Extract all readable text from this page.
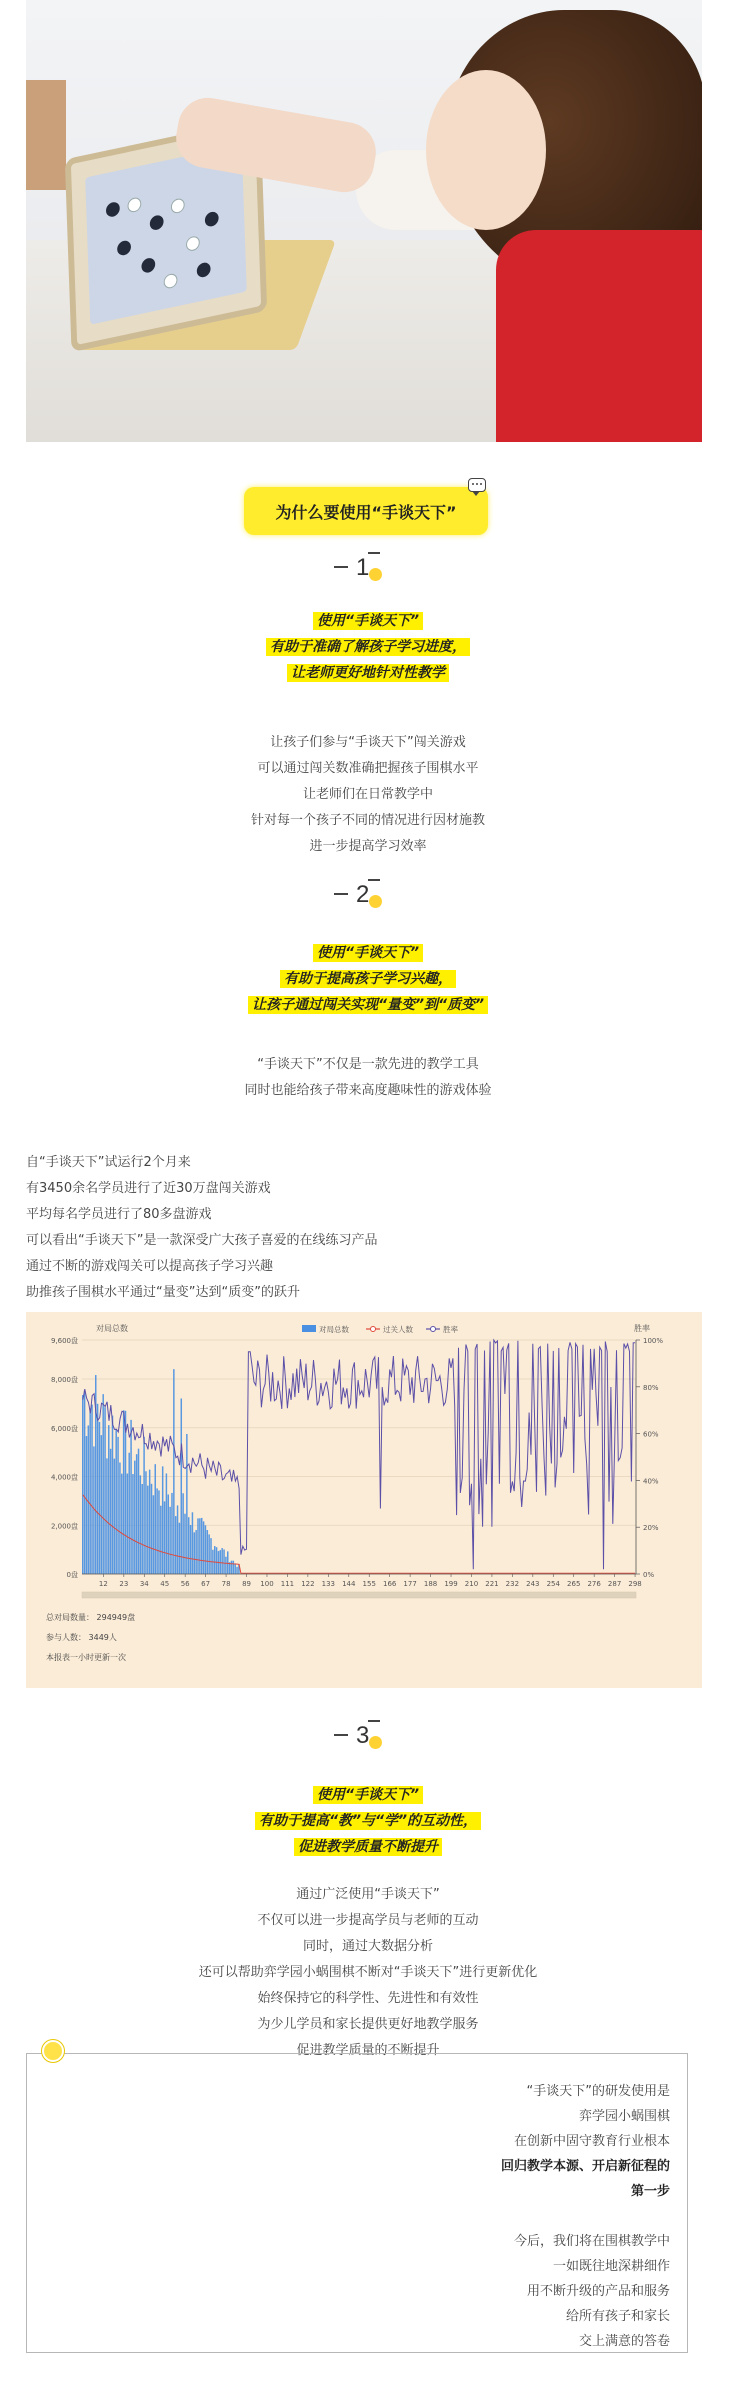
为什么要使用“手谈天下”
1
使用“手谈天下”
有助于准确了解孩子学习进度，
让老师更好地针对性教学
让孩子们参与“手谈天下”闯关游戏
可以通过闯关数准确把握孩子围棋水平
让老师们在日常教学中
针对每一个孩子不同的情况进行因材施教
进一步提高学习效率
2
使用“手谈天下”
有助于提高孩子学习兴趣，
让孩子通过闯关实现“量变”到“质变”
“手谈天下”不仅是一款先进的教学工具
同时也能给孩子带来高度趣味性的游戏体验
自“手谈天下”试运行2个月来
有3450余名学员进行了近30万盘闯关游戏
平均每名学员进行了80多盘游戏
可以看出“手谈天下”是一款深受广大孩子喜爱的在线练习产品
通过不断的游戏闯关可以提高孩子学习兴趣
助推孩子围棋水平通过“量变”达到“质变”的跃升
对局总数	胜率
对局总数	过关人数	胜率
9,600盘
8,000盘
6,000盘
4,000盘
2,000盘
0盘
100%
80%
60%
40%
20%
0%
12 23 34 45 56 67 78 89 100 111 122 133 144 155 166 177 188 199 210 221 232 243 254 265 276 287 298
总对局数量： 294949盘
参与人数： 3449人
本报表一小时更新一次
3
使用“手谈天下”
有助于提高“教”与“学”的互动性，
促进教学质量不断提升
通过广泛使用“手谈天下”
不仅可以进一步提高学员与老师的互动
同时，通过大数据分析
还可以帮助弈学园小蜗围棋不断对“手谈天下”进行更新优化
始终保持它的科学性、先进性和有效性
为少儿学员和家长提供更好地教学服务
促进教学质量的不断提升
“手谈天下”的研发使用是
弈学园小蜗围棋
在创新中固守教育行业根本
回归教学本源、开启新征程的
第一步

今后，我们将在围棋教学中
一如既往地深耕细作
用不断升级的产品和服务
给所有孩子和家长
交上满意的答卷
